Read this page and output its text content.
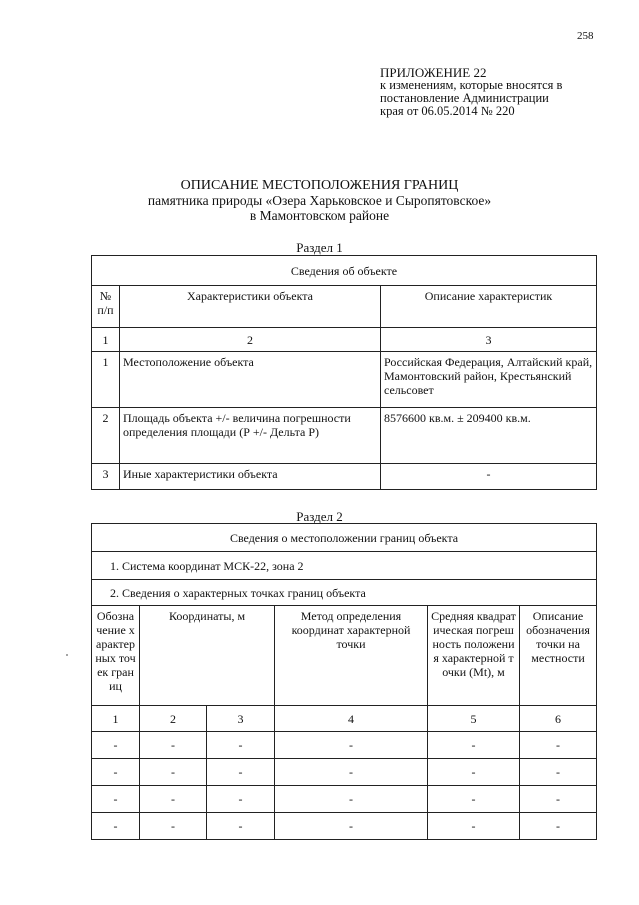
258
ПРИЛОЖЕНИЕ 22
к изменениям, которые вносятся в
постановление Администрации
края от 06.05.2014 № 220
ОПИСАНИЕ МЕСТОПОЛОЖЕНИЯ ГРАНИЦ
памятника природы «Озера Харьковское и Сыропятовское»
в Мамонтовском районе
Раздел 1
Сведения об объекте		
№ п/п	Характеристики объекта	Описание характеристик
1	2	3
1	Местоположение объекта	Российская Федерация, Алтайский край, Мамонтовский район, Крестьянский сельсовет
2	Площадь объекта +/- величина погрешности определения площади (Р +/- Дельта Р)	8576600 кв.м. ± 209400 кв.м.
3	Иные характеристики объекта	-
Раздел 2
Сведения о местоположении границ объекта					
1. Система координат МСК-22, зона 2					
2. Сведения о характерных точках границ объекта					
Обозначение характерных точек границ	Координаты, м		Метод определения координат характерной точки	Средняя квадратическая погрешность положения характерной точки (Mt), м	Описание обозначения точки на местности
1	2	3	4	5	6
-	-	-	-	-	-
-	-	-	-	-	-
-	-	-	-	-	-
-	-	-	-	-	-
